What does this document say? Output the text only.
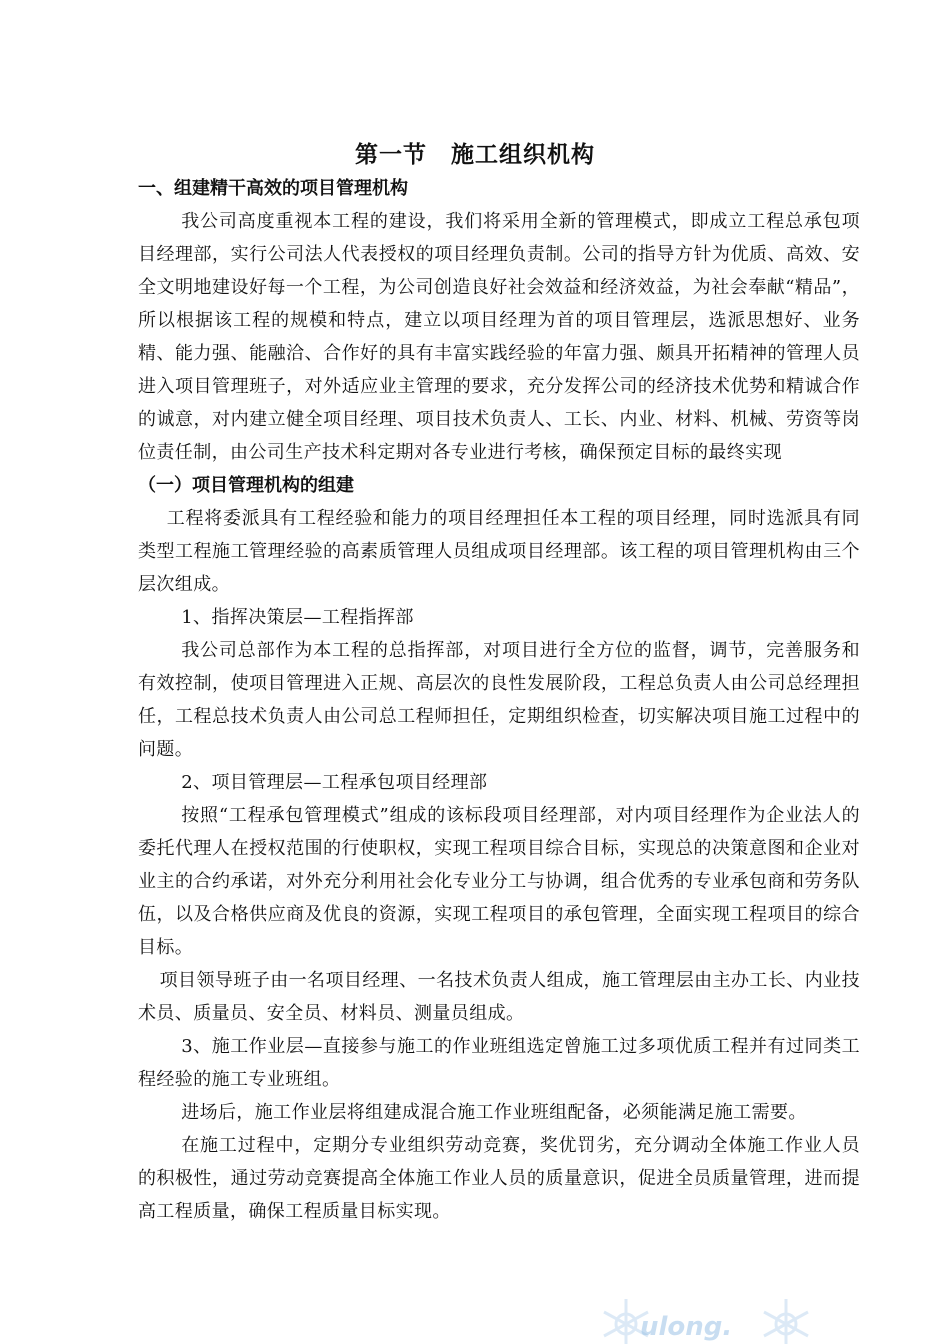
第一节　施工组织机构
一、组建精干高效的项目管理机构

我公司高度重视本工程的建设，我们将采用全新的管理模式，即成立工程总承包项目经理部，实行公司法人代表授权的项目经理负责制。公司的指导方针为优质、高效、安全文明地建设好每一个工程，为公司创造良好社会效益和经济效益，为社会奉献“精品”，所以根据该工程的规模和特点，建立以项目经理为首的项目管理层，选派思想好、业务精、能力强、能融洽、合作好的具有丰富实践经验的年富力强、颇具开拓精神的管理人员进入项目管理班子，对外适应业主管理的要求，充分发挥公司的经济技术优势和精诚合作的诚意，对内建立健全项目经理、项目技术负责人、工长、内业、材料、机械、劳资等岗位责任制，由公司生产技术科定期对各专业进行考核，确保预定目标的最终实现

（一）项目管理机构的组建

工程将委派具有工程经验和能力的项目经理担任本工程的项目经理，同时选派具有同类型工程施工管理经验的高素质管理人员组成项目经理部。该工程的项目管理机构由三个层次组成。

1、指挥决策层—工程指挥部

我公司总部作为本工程的总指挥部，对项目进行全方位的监督，调节，完善服务和有效控制，使项目管理进入正规、高层次的良性发展阶段，工程总负责人由公司总经理担任，工程总技术负责人由公司总工程师担任，定期组织检查，切实解决项目施工过程中的问题。

2、项目管理层—工程承包项目经理部

按照“工程承包管理模式”组成的该标段项目经理部，对内项目经理作为企业法人的委托代理人在授权范围的行使职权，实现工程项目综合目标，实现总的决策意图和企业对业主的合约承诺，对外充分利用社会化专业分工与协调，组合优秀的专业承包商和劳务队伍，以及合格供应商及优良的资源，实现工程项目的承包管理，全面实现工程项目的综合目标。

项目领导班子由一名项目经理、一名技术负责人组成，施工管理层由主办工长、内业技术员、质量员、安全员、材料员、测量员组成。

3、施工作业层—直接参与施工的作业班组选定曾施工过多项优质工程并有过同类工程经验的施工专业班组。

进场后，施工作业层将组建成混合施工作业班组配备，必须能满足施工需要。

在施工过程中，定期分专业组织劳动竞赛，奖优罚劣，充分调动全体施工作业人员的积极性，通过劳动竞赛提高全体施工作业人员的质量意识，促进全员质量管理，进而提高工程质量，确保工程质量目标实现。

ulong.
